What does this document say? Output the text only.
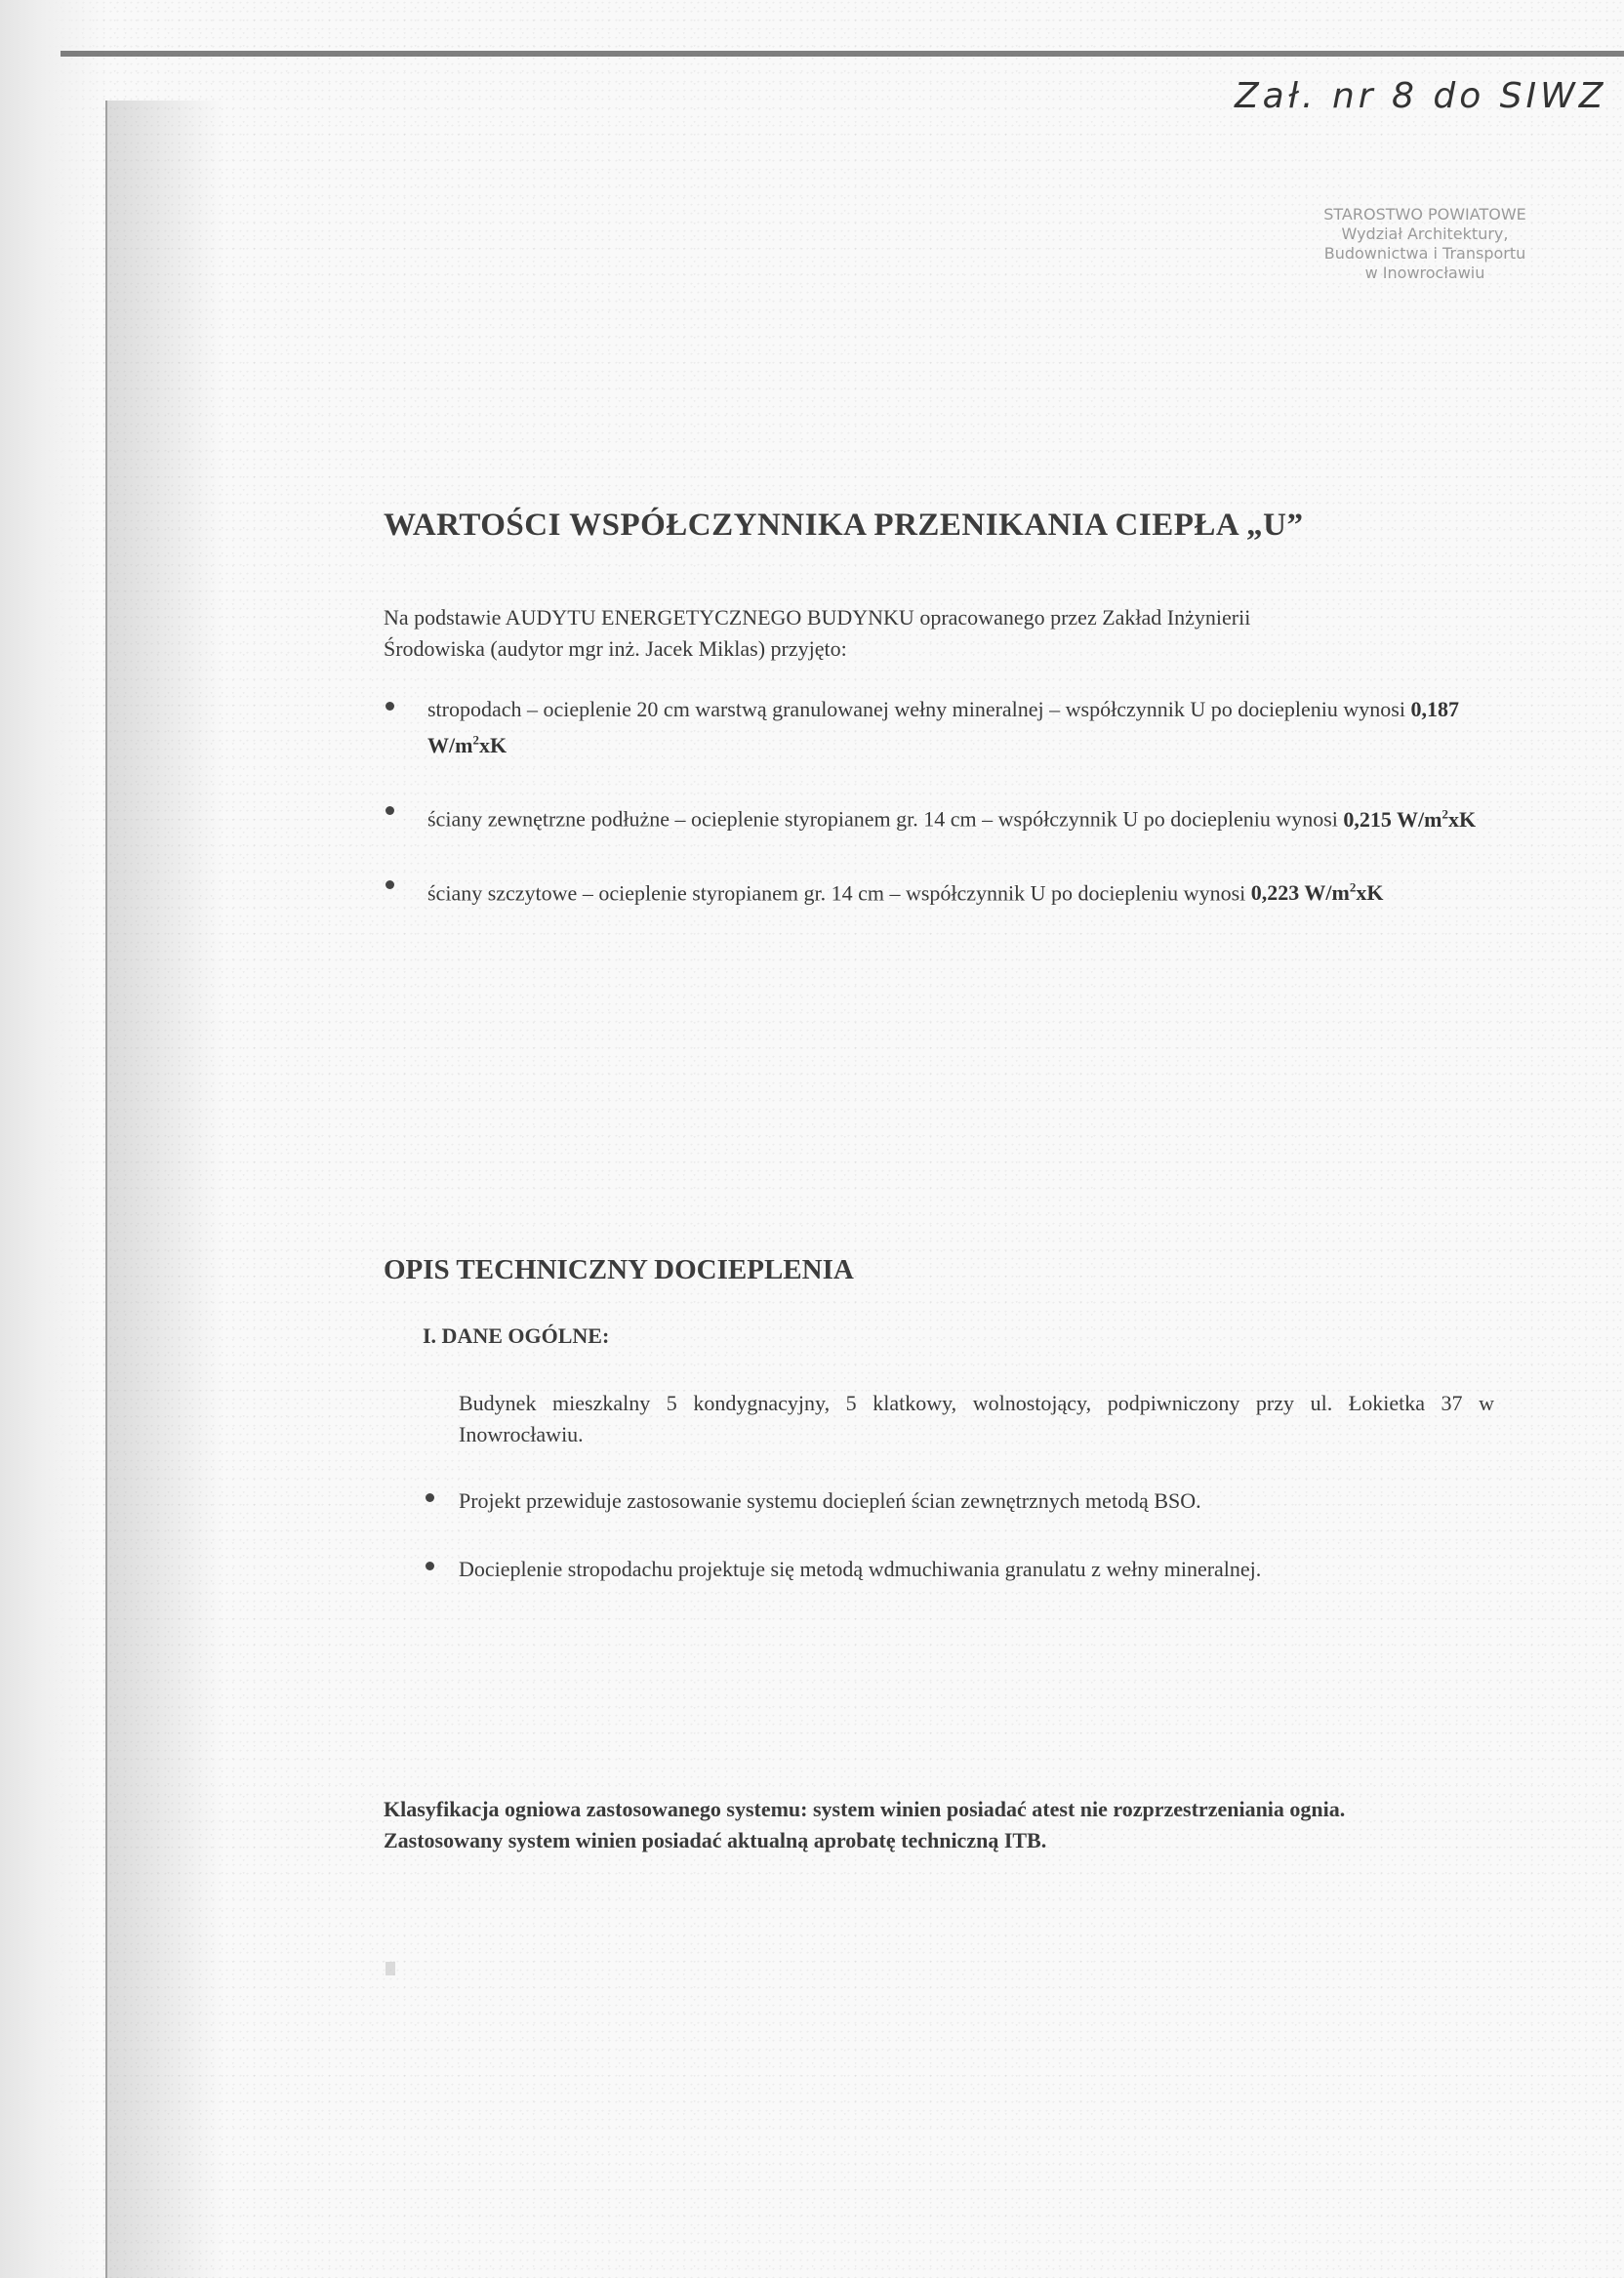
Zał. nr 8 do SIWZ
STAROSTWO POWIATOWE
Wydział Architektury,
Budownictwa i Transportu
w Inowrocławiu
WARTOŚCI WSPÓŁCZYNNIKA PRZENIKANIA CIEPŁA „U”

Na podstawie AUDYTU ENERGETYCZNEGO BUDYNKU opracowanego przez Zakład Inżynierii Środowiska (audytor mgr inż. Jacek Miklas) przyjęto:

stropodach – ocieplenie 20 cm warstwą granulowanej wełny mineralnej – współczynnik U po dociepleniu wynosi 0,187 $W/m^2xK$
ściany zewnętrzne podłużne – ocieplenie styropianem gr. 14 cm – współczynnik U po dociepleniu wynosi 0,215 $W/m^2xK$
ściany szczytowe – ocieplenie styropianem gr. 14 cm – współczynnik U po dociepleniu wynosi 0,223 $W/m^2xK$
OPIS TECHNICZNY DOCIEPLENIA
I. DANE OGÓLNE:

Budynek mieszkalny 5 kondygnacyjny, 5 klatkowy, wolnostojący, podpiwniczony przy ul. Łokietka 37 w Inowrocławiu.

Projekt przewiduje zastosowanie systemu dociepleń ścian zewnętrznych metodą BSO.
Docieplenie stropodachu projektuje się metodą wdmuchiwania granulatu z wełny mineralnej.

Klasyfikacja ogniowa zastosowanego systemu: system winien posiadać atest nie rozprzestrzeniania ognia.

Zastosowany system winien posiadać aktualną aprobatę techniczną ITB.
